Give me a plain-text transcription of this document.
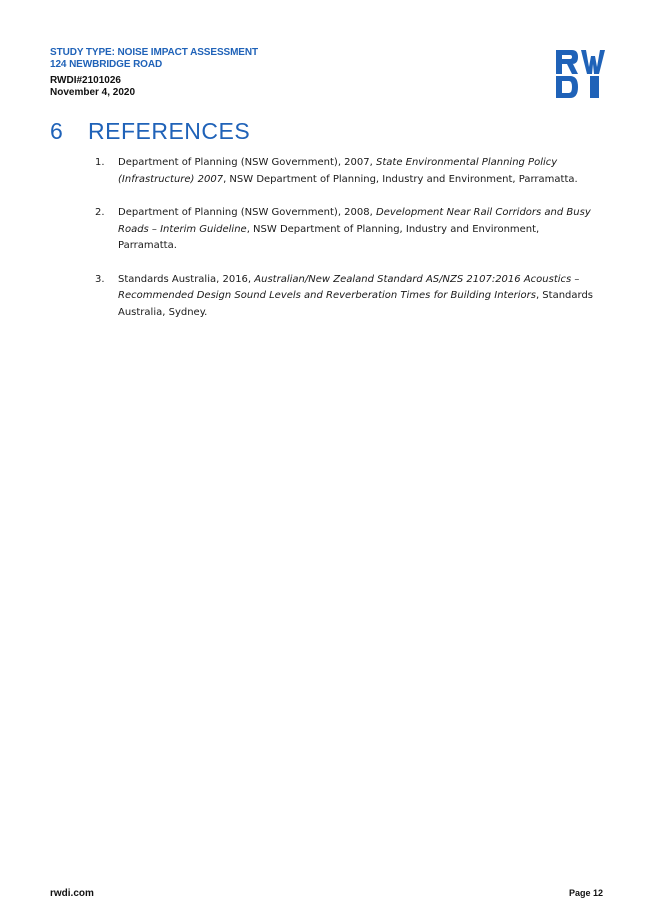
STUDY TYPE: NOISE IMPACT ASSESSMENT
124 NEWBRIDGE ROAD
RWDI#2101026
November 4, 2020
6 REFERENCES
1. Department of Planning (NSW Government), 2007, State Environmental Planning Policy (Infrastructure) 2007, NSW Department of Planning, Industry and Environment, Parramatta.
2. Department of Planning (NSW Government), 2008, Development Near Rail Corridors and Busy Roads – Interim Guideline, NSW Department of Planning, Industry and Environment, Parramatta.
3. Standards Australia, 2016, Australian/New Zealand Standard AS/NZS 2107:2016 Acoustics – Recommended Design Sound Levels and Reverberation Times for Building Interiors, Standards Australia, Sydney.
rwdi.com	Page 12
